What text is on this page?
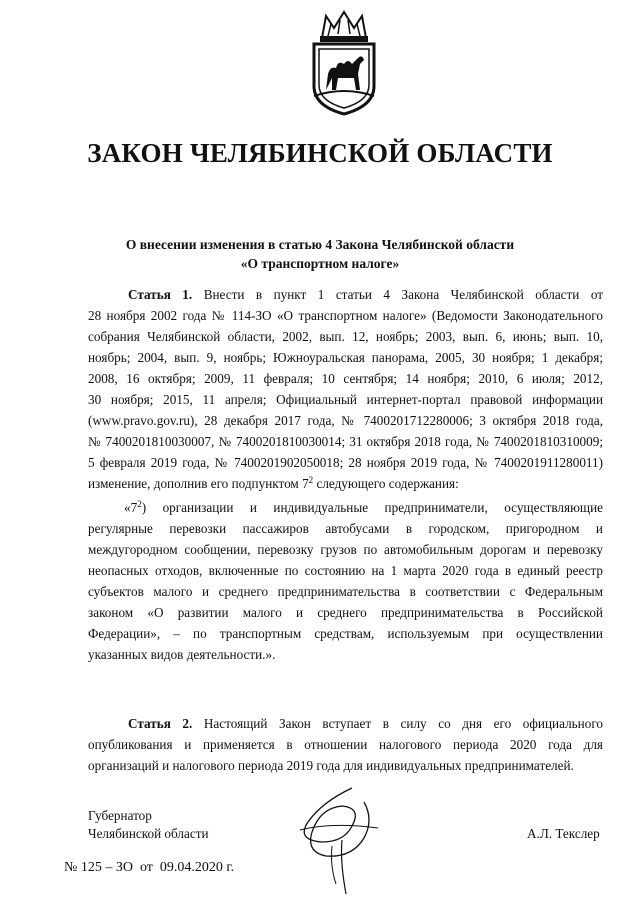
ЗАКОН ЧЕЛЯБИНСКОЙ ОБЛАСТИ
О внесении изменения в статью 4 Закона Челябинской области
«О транспортном налоге»
Статья 1. Внести в пункт 1 статьи 4 Закона Челябинской области от
28 ноября 2002 года № 114-ЗО «О транспортном налоге» (Ведомости Законодательного
собрания Челябинской области, 2002, вып. 12, ноябрь; 2003, вып. 6, июнь; вып. 10,
ноябрь; 2004, вып. 9, ноябрь; Южноуральская панорама, 2005, 30 ноября; 1 декабря;
2008, 16 октября; 2009, 11 февраля; 10 сентября; 14 ноября; 2010, 6 июля; 2012,
30 ноября; 2015, 11 апреля; Официальный интернет-портал правовой информации
(www.pravo.gov.ru), 28 декабря 2017 года, № 7400201712280006; 3 октября 2018 года,
№ 7400201810030007, № 7400201810030014; 31 октября 2018 года, № 7400201810310009;
5 февраля 2019 года, № 7400201902050018; 28 ноября 2019 года, № 7400201911280011)
изменение, дополнив его подпунктом $7^2$ следующего содержания:
«$7^2$) организации и индивидуальные предприниматели, осуществляющие
регулярные перевозки пассажиров автобусами в городском, пригородном и
междугородном сообщении, перевозку грузов по автомобильным дорогам и перевозку
неопасных отходов, включенные по состоянию на 1 марта 2020 года в единый реестр
субъектов малого и среднего предпринимательства в соответствии с Федеральным
законом «О развитии малого и среднего предпринимательства в Российской
Федерации», – по транспортным средствам, используемым при осуществлении
указанных видов деятельности.».
Статья 2. Настоящий Закон вступает в силу со дня его официального
опубликования и применяется в отношении налогового периода 2020 года для
организаций и налогового периода 2019 года для индивидуальных предпринимателей.
Губернатор
Челябинской области	А.Л. Текслер
№ 125 – ЗО от 09.04.2020 г.
